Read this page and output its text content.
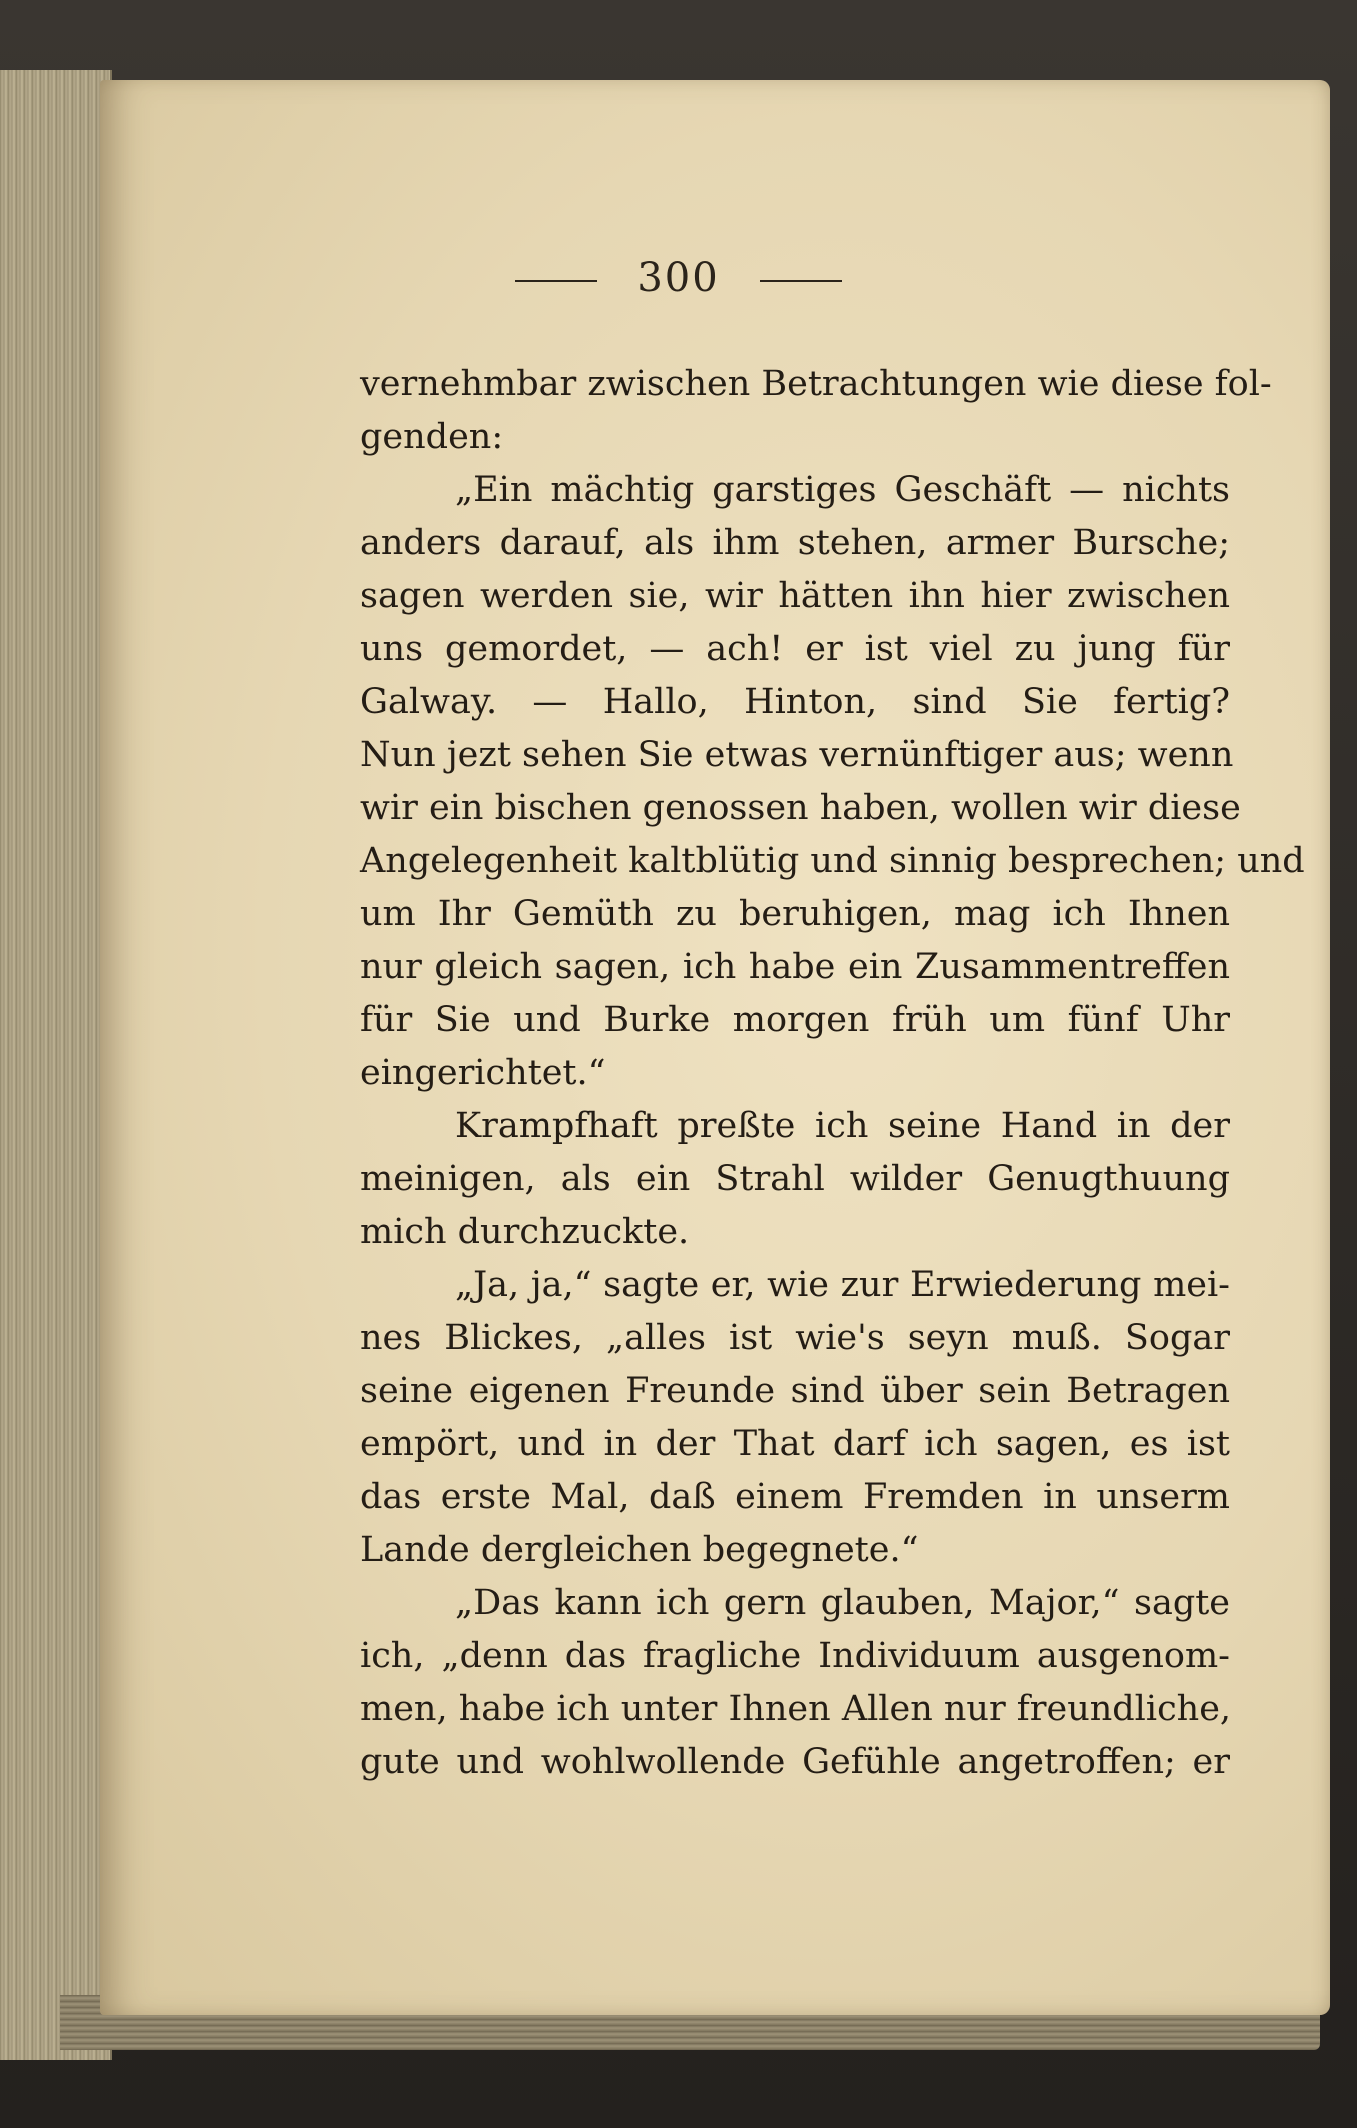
300
vernehmbar zwischen Betrachtungen wie diese fol-
genden:
„Ein mächtig garstiges Geschäft — nichts
anders darauf, als ihm stehen, armer Bursche;
sagen werden sie, wir hätten ihn hier zwischen
uns gemordet, — ach! er ist viel zu jung für
Galway. — Hallo, Hinton, sind Sie fertig?
Nun jezt sehen Sie etwas vernünftiger aus; wenn
wir ein bischen genossen haben, wollen wir diese
Angelegenheit kaltblütig und sinnig besprechen; und
um Ihr Gemüth zu beruhigen, mag ich Ihnen
nur gleich sagen, ich habe ein Zusammentreffen
für Sie und Burke morgen früh um fünf Uhr
eingerichtet.“
Krampfhaft preßte ich seine Hand in der
meinigen, als ein Strahl wilder Genugthuung
mich durchzuckte.
„Ja, ja,“ sagte er, wie zur Erwiederung mei-
nes Blickes, „alles ist wie's seyn muß. Sogar
seine eigenen Freunde sind über sein Betragen
empört, und in der That darf ich sagen, es ist
das erste Mal, daß einem Fremden in unserm
Lande dergleichen begegnete.“
„Das kann ich gern glauben, Major,“ sagte
ich, „denn das fragliche Individuum ausgenom-
men, habe ich unter Ihnen Allen nur freundliche,
gute und wohlwollende Gefühle angetroffen; er
